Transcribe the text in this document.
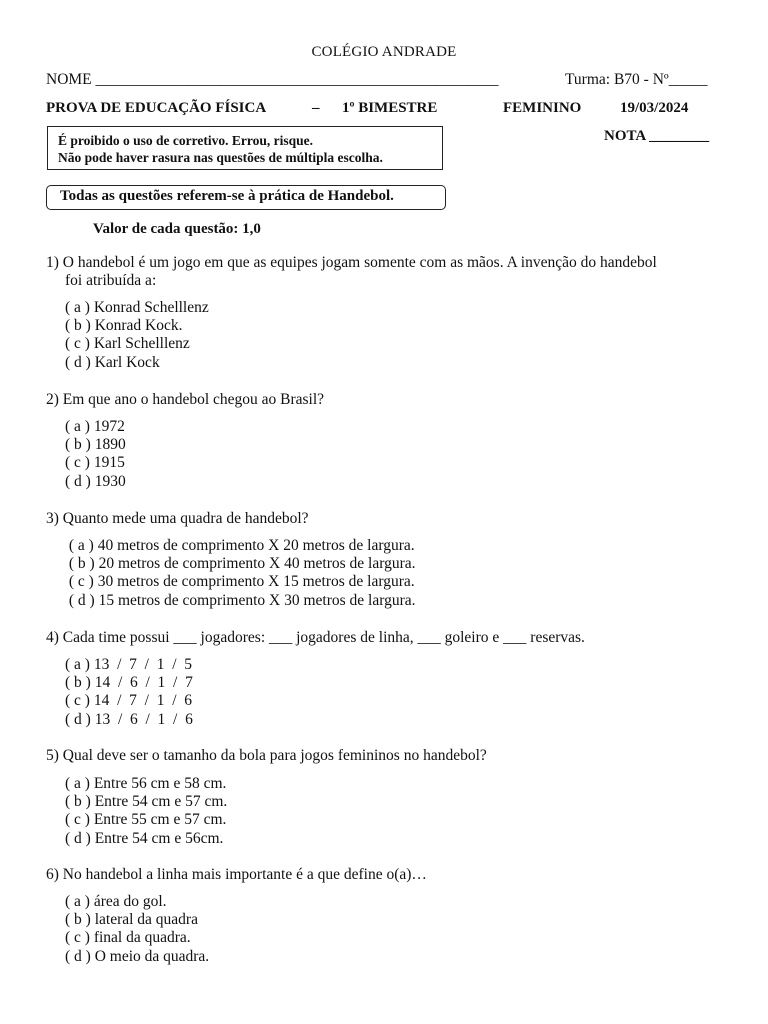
COLÉGIO ANDRADE
NOME ____________________________________________________	Turma: B70 - Nº_____
PROVA DE EDUCAÇÃO FÍSICA	– 1º BIMESTRE	FEMININO	19/03/2024
É proibido o uso de corretivo. Errou, risque.
Não pode haver rasura nas questões de múltipla escolha.
NOTA ________
Todas as questões referem-se à prática de Handebol.
Valor de cada questão: 1,0
1) O handebol é um jogo em que as equipes jogam somente com as mãos. A invenção do handebol
foi atribuída a:
( a ) Konrad Schelllenz
( b ) Konrad Kock.
( c ) Karl Schelllenz
( d ) Karl Kock
2) Em que ano o handebol chegou ao Brasil?
( a ) 1972
( b ) 1890
( c ) 1915
( d ) 1930
3) Quanto mede uma quadra de handebol?
( a ) 40 metros de comprimento X 20 metros de largura.
( b ) 20 metros de comprimento X 40 metros de largura.
( c ) 30 metros de comprimento X 15 metros de largura.
( d ) 15 metros de comprimento X 30 metros de largura.
4) Cada time possui ___ jogadores: ___ jogadores de linha, ___ goleiro e ___ reservas.
( a ) 13  /  7  /  1  /  5
( b ) 14  /  6  /  1  /  7
( c ) 14  /  7  /  1  /  6
( d ) 13  /  6  /  1  /  6
5) Qual deve ser o tamanho da bola para jogos femininos no handebol?
( a ) Entre 56 cm e 58 cm.
( b ) Entre 54 cm e 57 cm.
( c ) Entre 55 cm e 57 cm.
( d ) Entre 54 cm e 56cm.
6) No handebol a linha mais importante é a que define o(a)…
( a ) área do gol.
( b ) lateral da quadra
( c ) final da quadra.
( d ) O meio da quadra.
